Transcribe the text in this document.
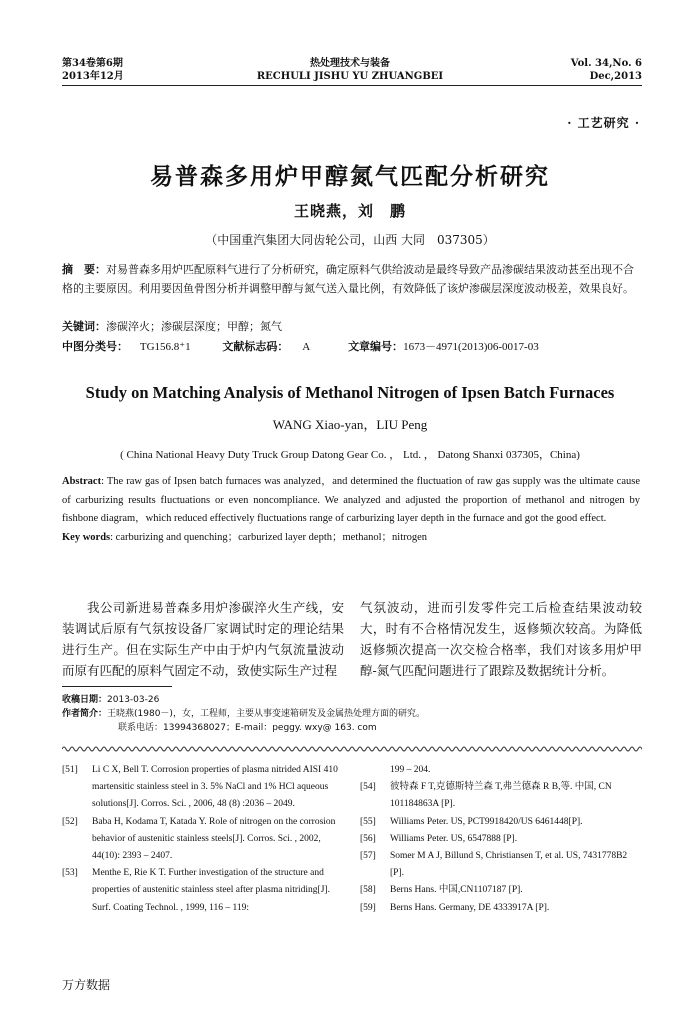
第34卷第6期
2013年12月
热处理技术与装备
RECHULI JISHU YU ZHUANGBEI
Vol. 34,No. 6
Dec,2013
· 工艺研究 ·
易普森多用炉甲醇氮气匹配分析研究
王晓燕，刘　鹏
（中国重汽集团大同齿轮公司，山西 大同　037305）
摘　要：对易普森多用炉匹配原料气进行了分析研究，确定原料气供给波动是最终导致产品渗碳结果波动甚至出现不合格的主要原因。利用要因鱼骨图分析并调整甲醇与氮气送入量比例，有效降低了该炉渗碳层深度波动极差，效果良好。
关键词：渗碳淬火；渗碳层深度；甲醇；氮气
中图分类号： TG156.8⁺1	文献标志码： A	文章编号：1673－4971(2013)06-0017-03
Study on Matching Analysis of Methanol Nitrogen of Ipsen Batch Furnaces
WANG Xiao-yan，LIU Peng
( China National Heavy Duty Truck Group Datong Gear Co. ， Ltd. ， Datong Shanxi 037305，China)
Abstract: The raw gas of Ipsen batch furnaces was analyzed，and determined the fluctuation of raw gas supply was the ultimate cause of carburizing results fluctuations or even noncompliance. We analyzed and adjusted the proportion of methanol and nitrogen by fishbone diagram，which reduced effectively fluctuations range of carburizing layer depth in the furnace and got the good effect.
Key words: carburizing and quenching；carburized layer depth；methanol；nitrogen
我公司新进易普森多用炉渗碳淬火生产线，安装调试后原有气氛按设备厂家调试时定的理论结果进行生产。但在实际生产中由于炉内气氛流量波动而原有匹配的原料气固定不动，致使实际生产过程
气氛波动，进而引发零件完工后检查结果波动较大，时有不合格情况发生，返修频次较高。为降低返修频次提高一次交检合格率，我们对该多用炉甲醇-氮气匹配问题进行了跟踪及数据统计分析。
收稿日期：2013-03-26
作者简介：王晓燕(1980－)，女，工程师，主要从事变速箱研发及金属热处理方面的研究。
联系电话：13994368027；E-mail：peggy. wxy@ 163. com
[51] Li C X, Bell T. Corrosion properties of plasma nitrided AISI 410 martensitic stainless steel in 3. 5% NaCl and 1% HCl aqueous solutions[J]. Corros. Sci. , 2006, 48 (8) :2036 – 2049.
[52] Baba H, Kodama T, Katada Y. Role of nitrogen on the corrosion behavior of austenitic stainless steels[J]. Corros. Sci. , 2002, 44(10): 2393 – 2407.
[53] Menthe E, Rie K T. Further investigation of the structure and properties of austenitic stainless steel after plasma nitriding[J]. Surf. Coating Technol. , 1999, 116 – 119:
199 – 204.
[54] 彼特森 F T,克德斯特兰森 T,弗兰德森 R B,等. 中国, CN 101184863A [P].
[55] Williams Peter. US, PCT9918420/US 6461448[P].
[56] Williams Peter. US, 6547888 [P].
[57] Somer M A J, Billund S, Christiansen T, et al. US, 7431778B2 [P].
[58] Berns Hans. 中国,CN1107187 [P].
[59] Berns Hans. Germany, DE 4333917A [P].
万方数据
